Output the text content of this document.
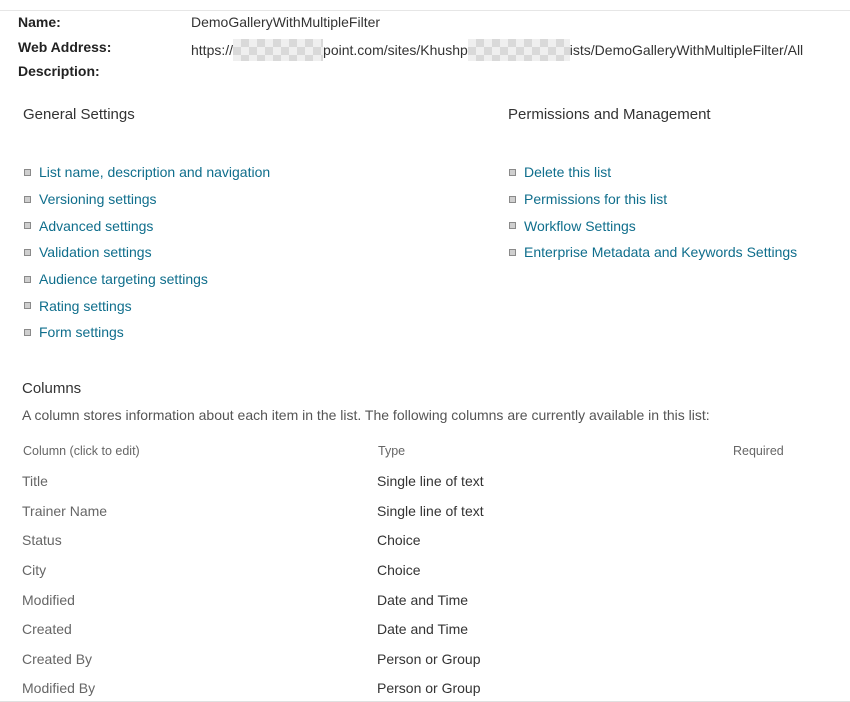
Name:	DemoGalleryWithMultipleFilter
Web Address:	https://	point.com/sites/Khushp	ists/DemoGalleryWithMultipleFilter/All
Description:
General Settings
List name, description and navigation
Versioning settings
Advanced settings
Validation settings
Audience targeting settings
Rating settings
Form settings
Permissions and Management
Delete this list
Permissions for this list
Workflow Settings
Enterprise Metadata and Keywords Settings
Columns
A column stores information about each item in the list. The following columns are currently available in this list:
Column (click to edit)	Type	Required
Title	Single line of text
Trainer Name	Single line of text
Status	Choice
City	Choice
Modified	Date and Time
Created	Date and Time
Created By	Person or Group
Modified By	Person or Group
